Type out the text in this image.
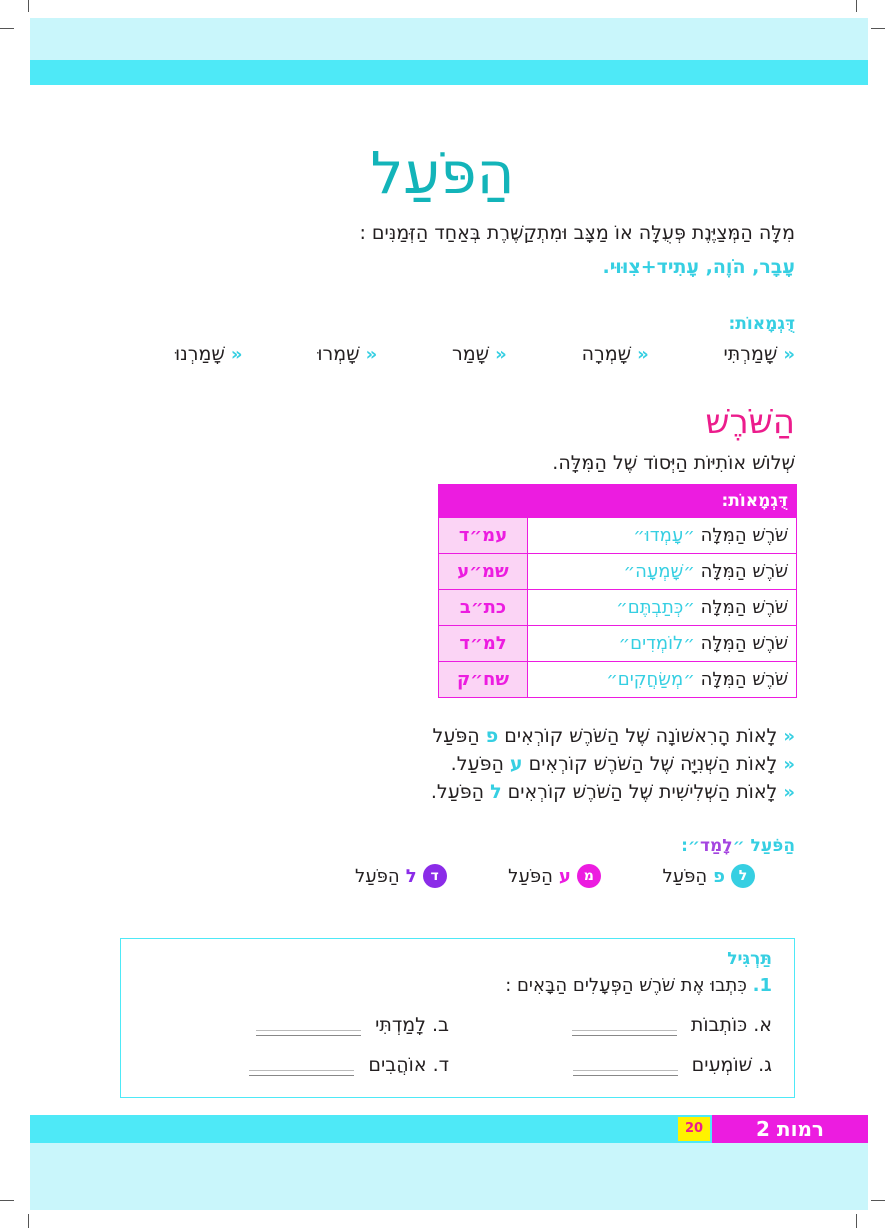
הַפֹּעַל
מִלָּה הַמְּצַיֶּנֶת פְּעֻלָּה אוֹ מַצָּב וּמִתְקַשֶּׁרֶת בְּאַחַד הַזְּמַנִּים :
עָבָר, הֹוֶה, עָתִיד+צִוּוּי.
דֻּגְמָאוֹת:
»
שָׁמַרְתִּי
»
שָׁמְרָה
»
שָׁמַר
»
שָׁמְרוּ
»
שָׁמַרְנוּ
הַשֹּׁרֶשׁ
שְׁלוֹשׁ אוֹתִיּוֹת הַיְּסוֹד שֶׁל הַמִּלָּה.
דֻּגְמָאוֹת:	
שֹׁרֶשׁ הַמִּלָּה ״עָמְדוּ״	עמ״ד
שֹׁרֶשׁ הַמִּלָּה ״שָׁמְעָה״	שמ״ע
שֹׁרֶשׁ הַמִּלָּה ״כְּתַבְתֶּם״	כת״ב
שֹׁרֶשׁ הַמִּלָּה ״לוֹמְדִים״	למ״ד
שֹׁרֶשׁ הַמִּלָּה ״מְשַׂחֲקִים״	שח״ק
»
לָאוֹת הָרִאשׁוֹנָה שֶׁל הַשֹּׁרֶשׁ קוֹרְאִים פ הַפֹּעַל
»
לָאוֹת הַשְּׁנִיָּה שֶׁל הַשֹּׁרֶשׁ קוֹרְאִים ע הַפֹּעַל.
»
לָאוֹת הַשְּׁלִישִׁית שֶׁל הַשֹּׁרֶשׁ קוֹרְאִים ל הַפֹּעַל.
הַפֹּעַל ״לָמַד״:
ל
פ
הַפֹּעַל
מ
ע
הַפֹּעַל
ד
ל
הַפֹּעַל
תַּרְגִּיל
1. כִּתְבוּ אֶת שֹׁרֶשׁ הַפְּעָלִים הַבָּאִים :
א. כּוֹתְבוֹת
ב. לָמַדְתִּי
ג. שׁוֹמְעִים
ד. אוֹהֲבִים
רמות 2
20
